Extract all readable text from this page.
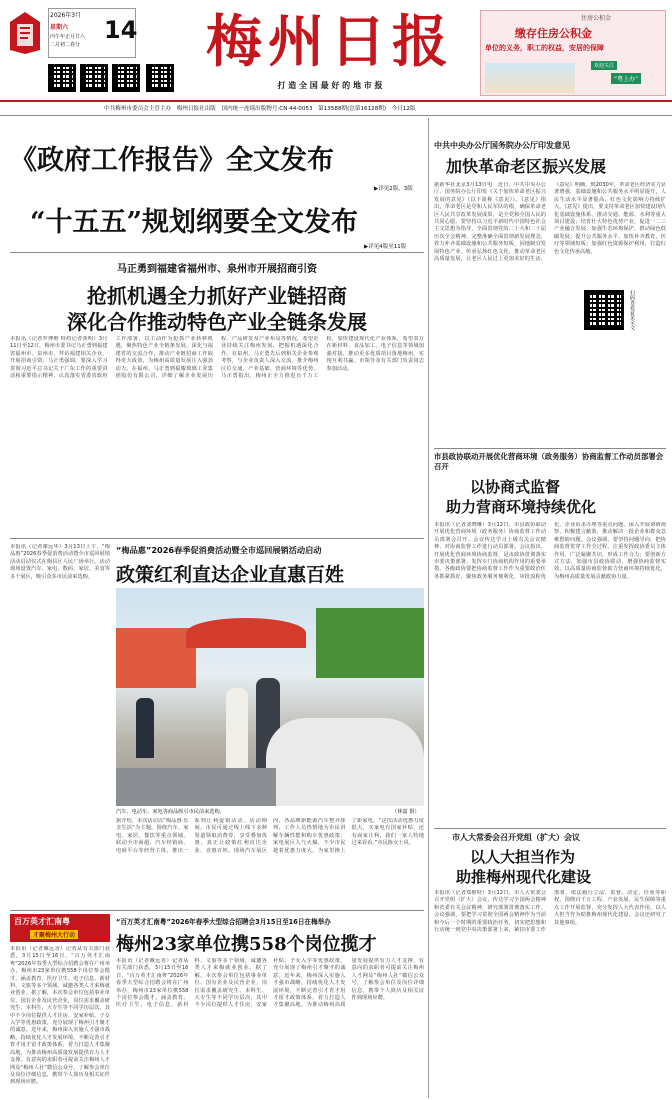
2026年3月
星期六
丙午年正月廿六
二月初二春分
14 梅州日报
打 造 全 国 最 好 的 地 市 报
住房公积金
缴存住房公积金
单位的义务，职工的权益，安居的保障
欢迎关注
“粤上办”
中共梅州市委员会主管主办　梅州日报社出版　国内统一连续出版物号:CN 44-0053　第13588期(总第16128期)　今日12版
《政府工作报告》全文发布
▶详见2版、3版
“十五五”规划纲要全文发布
▶详见4版至11版
马正勇到福建省福州市、泉州市开展招商引资
抢抓机遇全力抓好产业链招商
深化合作推动特色产业全链条发展
本报讯（记者罗博维 特约记者黄明）3月11日至12日，梅州市委书记马正勇到福建省福州市、泉州市，拜访福建相关企业，开展招商引资。马正勇强调，要深入学习贯彻习近平总书记关于广东工作的重要讲话和重要指示精神，认真落实省委省政府工作部署，以主动作为抢抓产业转移机遇，聚焦特色产业全链条发展，深化与福建省的交流合作，推动产业链招商工作取得更大成效，为梅州高质量发展注入强劲动力。在福州，马正勇到福耀玻璃工业集团股份有限公司，详细了解企业发展历程、产品研发及产业布局等情况，希望企业持续关注梅州发展，把握机遇深化合作。在泉州，马正勇先后到相关企业参观考察，与企业负责人深入交流，推介梅州区位交通、产业基础、营商环境等优势。马正勇指出，梅州正全力推进百千万工程，加快建设现代化产业体系，希望双方在新材料、食品加工、电子信息等领域加强对接，推动更多优质项目落地梅州，实现互利共赢。市领导及有关部门负责同志参加活动。
本报讯（记者谢远华）3月13日上午，“梅品惠”2026春季促消费活动暨全市巡回展销活动启动仪式在梅县区人民广场举行。活动现场设置汽车、家电、数码、家居、美食等多个展区，吸引众多市民前来选购。
“梅品惠”2026春季促消费活动暨全市巡回展销活动启动
政策红利直达企业直惠百姓
汽车、电动车、家电等商品吸引市民前来选购。	（林嘉 摄）
据介绍，本次活动以“梅品惠·乐享生活”为主题，围绕汽车、家电、家居、餐饮等重点领域，联动全市商超、汽车经销商、电商平台等经营主体，推出一系列让利促销活动。活动期间，市民可通过线上线下多种渠道领取消费券，享受叠加优惠，真正让政策红利直达企业、直惠百姓。现场汽车展区内，各品牌新能源汽车整齐排列，工作人员热情地为市民讲解车辆性能和购车优惠政策；家电展区人气火爆，不少市民趁着优惠力度大，为家里换上了新家电。“这次活动优惠力度很大，买家电有国家补贴，还有商家让利，我们一家人特地过来看看。”市民陈女士说。
百万英才汇南粤
才聚梅州大行动
本报讯（记者戴远香）记者从有关部门获悉，3月15日至16日，“百万英才汇南粤”2026年春季大型综合招聘会将在广州举办，梅州市23家单位携558个岗位参会揽才，涵盖教育、医疗卫生、电子信息、新材料、文旅等多个领域，诚邀各类人才来梅就业创业。据了解，本次参会单位包括事业单位、国有企业及民营企业，岗位需求覆盖研究生、本科生、大专生等不同学历层次，其中不少岗位提供人才住房、安家补贴、子女入学等优惠政策，充分展现了梅州引才聚才的诚意。近年来，梅州深入实施人才强市战略，持续优化人才发展环境，不断完善引才育才用才留才政策体系，着力打造人才集聚高地，为推动梅州高质量发展提供有力人才支撑。有意向的求职者可提前关注梅州人才网及“梅州人社”微信公众号，了解参会单位及岗位详细信息，携带个人简历及相关证件到现场应聘。
“百万英才汇南粤”2026年春季大型综合招聘会3月15日至16日在梅举办
梅州23家单位携558个岗位揽才
本报讯（记者戴远香）记者从有关部门获悉，3月15日至16日，“百万英才汇南粤”2026年春季大型综合招聘会将在广州举办，梅州市23家单位携558个岗位参会揽才，涵盖教育、医疗卫生、电子信息、新材料、文旅等多个领域，诚邀各类人才来梅就业创业。据了解，本次参会单位包括事业单位、国有企业及民营企业，岗位需求覆盖研究生、本科生、大专生等不同学历层次，其中不少岗位提供人才住房、安家补贴、子女入学等优惠政策，充分展现了梅州引才聚才的诚意。近年来，梅州深入实施人才强市战略，持续优化人才发展环境，不断完善引才育才用才留才政策体系，着力打造人才集聚高地，为推动梅州高质量发展提供有力人才支撑。有意向的求职者可提前关注梅州人才网及“梅州人社”微信公众号，了解参会单位及岗位详细信息，携带个人简历及相关证件到现场应聘。
中共中央办公厅国务院办公厅印发意见
加快革命老区振兴发展
据新华社北京3月13日电　近日，中共中央办公厅、国务院办公厅印发《关于加快革命老区振兴发展的意见》（以下简称《意见》）。《意见》指出，革命老区是党和人民军队的根，确保革命老区人民共享改革发展成果，是全党和全国人民的共同心愿。要坚持以习近平新时代中国特色社会主义思想为指导，全面贯彻党的二十大和二十届历次全会精神，完整准确全面贯彻新发展理念，着力补齐基础设施和公共服务短板，因地制宜发展特色产业，传承弘扬红色文化，推动革命老区高质量发展，让老区人民过上更加美好的生活。《意见》明确，到2030年，革命老区经济实力显著增强，基础设施和公共服务水平明显提升，人民生活水平显著提高，红色文化影响力持续扩大。《意见》提出，要支持革命老区加快建设现代化基础设施体系，推动交通、能源、水利等重大项目建设；培育壮大特色优势产业，促进一二三产业融合发展；加强生态环境保护，推动绿色低碳发展；提升公共服务水平，加快补齐教育、医疗等领域短板；加强红色资源保护利用，打造红色文化传承高地。
扫码查看意见全文
市县政协联动开展优化营商环境（政务服务）协商监督工作动员部署会召开
以协商式监督
助力营商环境持续优化
本报讯（记者刘晓琳）3月12日，市县政协联动开展优化营商环境（政务服务）协商监督工作动员部署会召开。会议传达学习上级有关会议精神，对协商监督工作进行动员部署。会议指出，开展优化营商环境协商监督，是市政协贯彻落实市委决策部署、发挥专门协商机构作用的重要举措。各级政协要把协商监督工作作为重要政治任务抓紧抓好，聚焦政务服务便利化、审批流程优化、企业诉求办理等重点问题，深入开展调研视察，积极建言献策，推动解决一批企业和群众急难愁盼问题。会议强调，要坚持问题导向，把协商监督贯穿工作全过程，注重发挥政协委员主体作用，广泛凝聚共识，形成工作合力；要创新方式方法，加强市县政协联动，增强协商监督实效，以高质量协商监督助力营商环境持续优化，为梅州高质量发展贡献政协力量。
市人大常委会召开党组（扩大）会议
以人大担当作为
助推梅州现代化建设
本报讯（记者郑维特）3月12日，市人大常委会召开党组（扩大）会议，传达学习全国两会精神和省委有关会议精神，研究部署贯彻落实工作。会议强调，要把学习贯彻全国两会精神作为当前和今后一个时期的重要政治任务，切实把思想和行动统一到党中央决策部署上来，紧扣市委工作部署，依法履行立法、监督、决定、任免等职权，围绕百千万工程、产业发展、民生保障等重点工作开展监督，充分发挥人大代表作用，以人大担当作为助推梅州现代化建设。会议还研究了其他事项。
